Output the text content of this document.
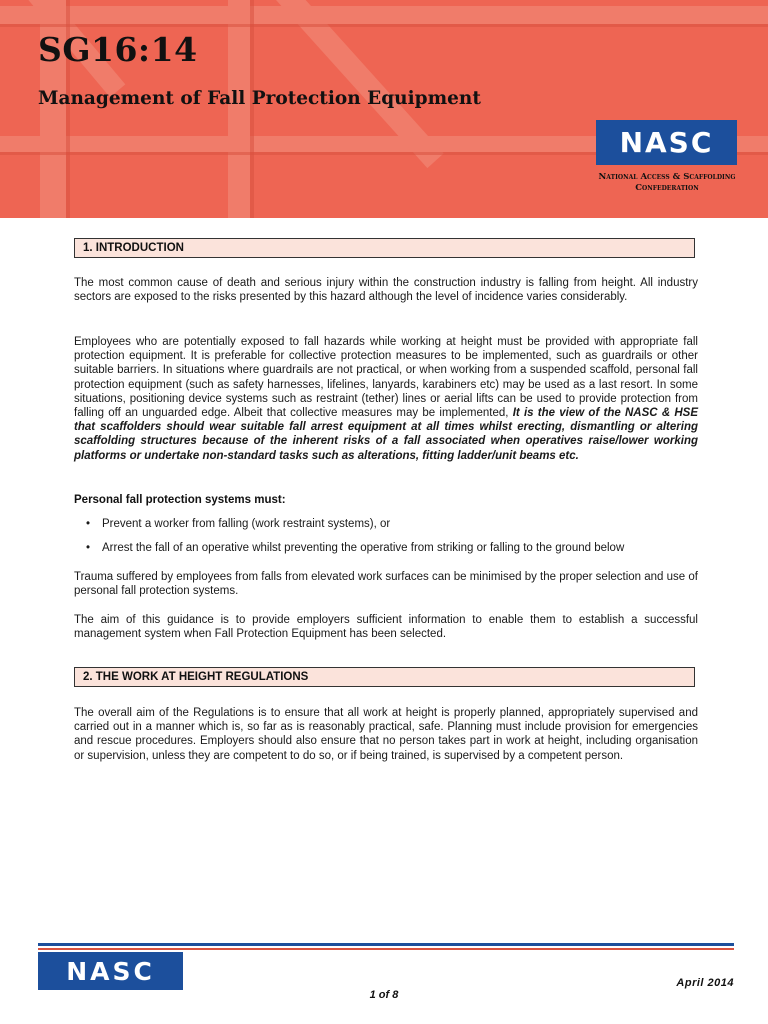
SG16:14
Management of Fall Protection Equipment
NASC
National Access & Scaffolding
Confederation
1. INTRODUCTION

The most common cause of death and serious injury within the construction industry is falling from height. All industry sectors are exposed to the risks presented by this hazard although the level of incidence varies considerably.

Employees who are potentially exposed to fall hazards while working at height must be provided with appropriate fall protection equipment. It is preferable for collective protection measures to be implemented, such as guardrails or other suitable barriers. In situations where guardrails are not practical, or when working from a suspended scaffold, personal fall protection equipment (such as safety harnesses, lifelines, lanyards, karabiners etc) may be used as a last resort. In some situations, positioning device systems such as restraint (tether) lines or aerial lifts can be used to provide protection from falling off an unguarded edge. Albeit that collective measures may be implemented, It is the view of the NASC & HSE that scaffolders should wear suitable fall arrest equipment at all times whilst erecting, dismantling or altering scaffolding structures because of the inherent risks of a fall associated when operatives raise/lower working platforms or undertake non-standard tasks such as alterations, fitting ladder/unit beams etc.

Personal fall protection systems must:

• Prevent a worker from falling (work restraint systems), or
• Arrest the fall of an operative whilst preventing the operative from striking or falling to the ground below

Trauma suffered by employees from falls from elevated work surfaces can be minimised by the proper selection and use of personal fall protection systems.

The aim of this guidance is to provide employers sufficient information to enable them to establish a successful management system when Fall Protection Equipment has been selected.

2. THE WORK AT HEIGHT REGULATIONS

The overall aim of the Regulations is to ensure that all work at height is properly planned, appropriately supervised and carried out in a manner which is, so far as is reasonably practical, safe. Planning must include provision for emergencies and rescue procedures. Employers should also ensure that no person takes part in work at height, including organisation or supervision, unless they are competent to do so, or if being trained, is supervised by a competent person.

NASC	April 2014
1 of 8
